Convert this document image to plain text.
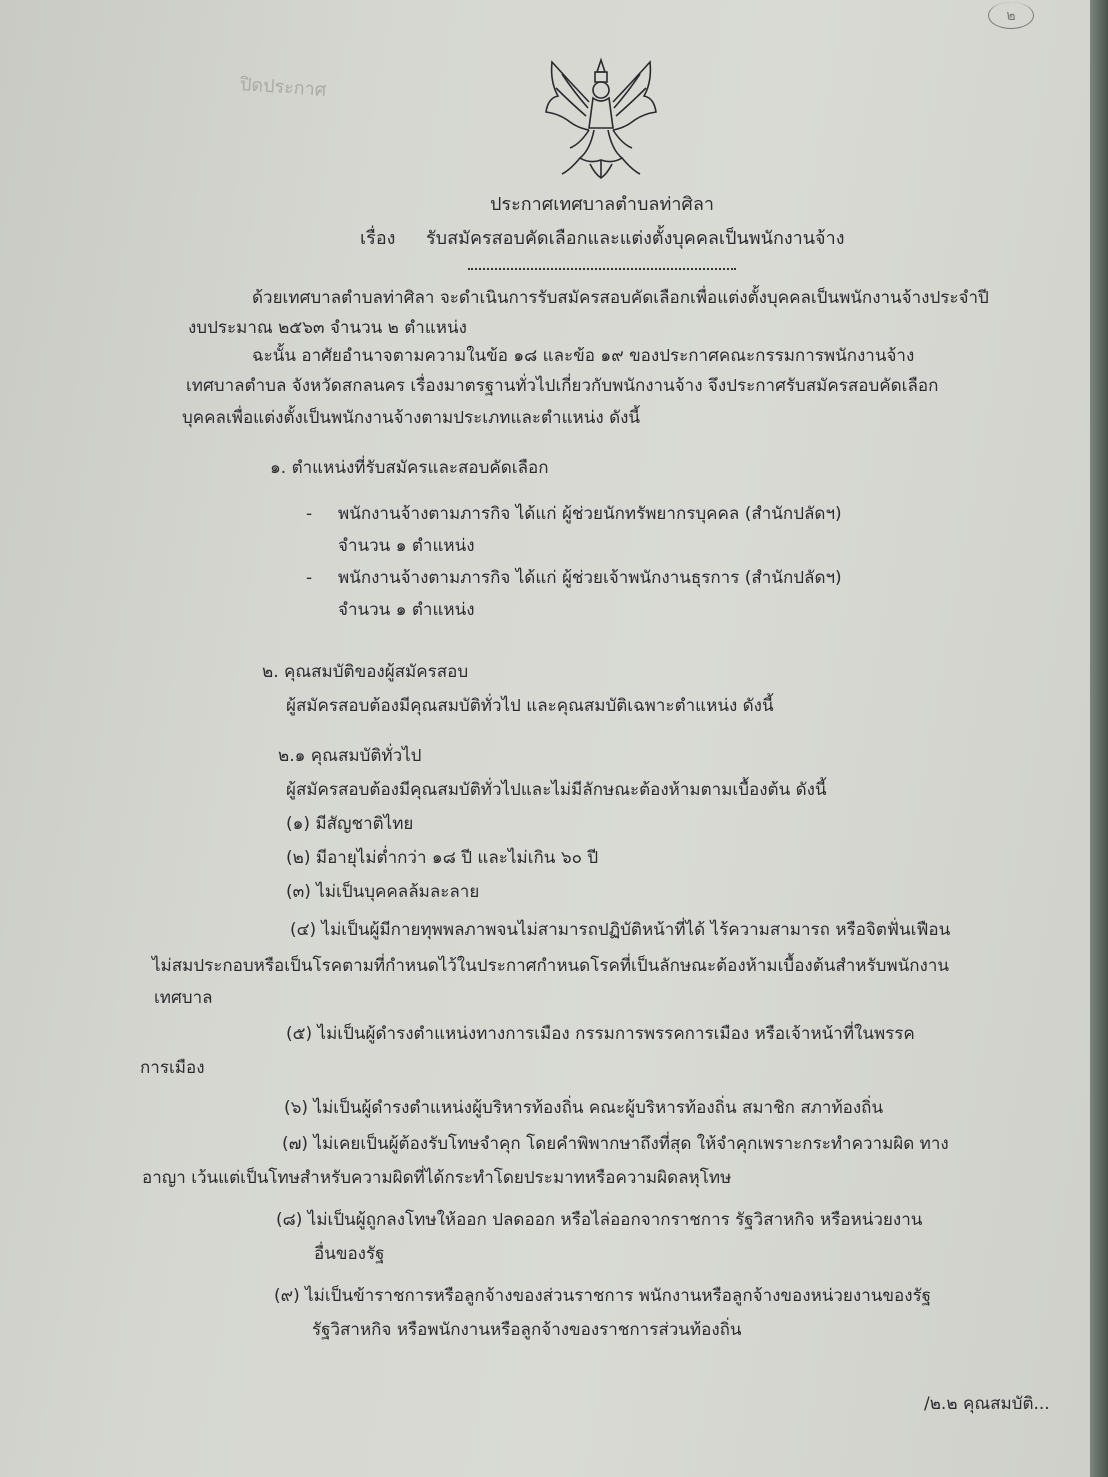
๒
ปิดประกาศ
ประกาศเทศบาลตำบลท่าศิลา
เรื่อง รับสมัครสอบคัดเลือกและแต่งตั้งบุคคลเป็นพนักงานจ้าง
ด้วยเทศบาลตำบลท่าศิลา จะดำเนินการรับสมัครสอบคัดเลือกเพื่อแต่งตั้งบุคคลเป็นพนักงานจ้างประจำปี
งบประมาณ ๒๕๖๓ จำนวน ๒ ตำแหน่ง
ฉะนั้น อาศัยอำนาจตามความในข้อ ๑๘ และข้อ ๑๙ ของประกาศคณะกรรมการพนักงานจ้าง
เทศบาลตำบล จังหวัดสกลนคร เรื่องมาตรฐานทั่วไปเกี่ยวกับพนักงานจ้าง จึงประกาศรับสมัครสอบคัดเลือก
บุคคลเพื่อแต่งตั้งเป็นพนักงานจ้างตามประเภทและตำแหน่ง ดังนี้
๑. ตำแหน่งที่รับสมัครและสอบคัดเลือก
- พนักงานจ้างตามภารกิจ ได้แก่ ผู้ช่วยนักทรัพยากรบุคคล (สำนักปลัดฯ)
จำนวน ๑ ตำแหน่ง
- พนักงานจ้างตามภารกิจ ได้แก่ ผู้ช่วยเจ้าพนักงานธุรการ (สำนักปลัดฯ)
จำนวน ๑ ตำแหน่ง
๒. คุณสมบัติของผู้สมัครสอบ
ผู้สมัครสอบต้องมีคุณสมบัติทั่วไป และคุณสมบัติเฉพาะตำแหน่ง ดังนี้
๒.๑ คุณสมบัติทั่วไป
ผู้สมัครสอบต้องมีคุณสมบัติทั่วไปและไม่มีลักษณะต้องห้ามตามเบื้องต้น ดังนี้
(๑) มีสัญชาติไทย
(๒) มีอายุไม่ต่ำกว่า ๑๘ ปี และไม่เกิน ๖๐ ปี
(๓) ไม่เป็นบุคคลล้มละลาย
(๔) ไม่เป็นผู้มีกายทุพพลภาพจนไม่สามารถปฏิบัติหน้าที่ได้ ไร้ความสามารถ หรือจิตฟั่นเฟือน
ไม่สมประกอบหรือเป็นโรคตามที่กำหนดไว้ในประกาศกำหนดโรคที่เป็นลักษณะต้องห้ามเบื้องต้นสำหรับพนักงาน
เทศบาล
(๕) ไม่เป็นผู้ดำรงตำแหน่งทางการเมือง กรรมการพรรคการเมือง หรือเจ้าหน้าที่ในพรรค
การเมือง
(๖) ไม่เป็นผู้ดำรงตำแหน่งผู้บริหารท้องถิ่น คณะผู้บริหารท้องถิ่น สมาชิก สภาท้องถิ่น
(๗) ไม่เคยเป็นผู้ต้องรับโทษจำคุก โดยคำพิพากษาถึงที่สุด ให้จำคุกเพราะกระทำความผิด ทาง
อาญา เว้นแต่เป็นโทษสำหรับความผิดที่ได้กระทำโดยประมาทหรือความผิดลหุโทษ
(๘) ไม่เป็นผู้ถูกลงโทษให้ออก ปลดออก หรือไล่ออกจากราชการ รัฐวิสาหกิจ หรือหน่วยงาน
อื่นของรัฐ
(๙) ไม่เป็นข้าราชการหรือลูกจ้างของส่วนราชการ พนักงานหรือลูกจ้างของหน่วยงานของรัฐ
รัฐวิสาหกิจ หรือพนักงานหรือลูกจ้างของราชการส่วนท้องถิ่น
/๒.๒ คุณสมบัติ...
